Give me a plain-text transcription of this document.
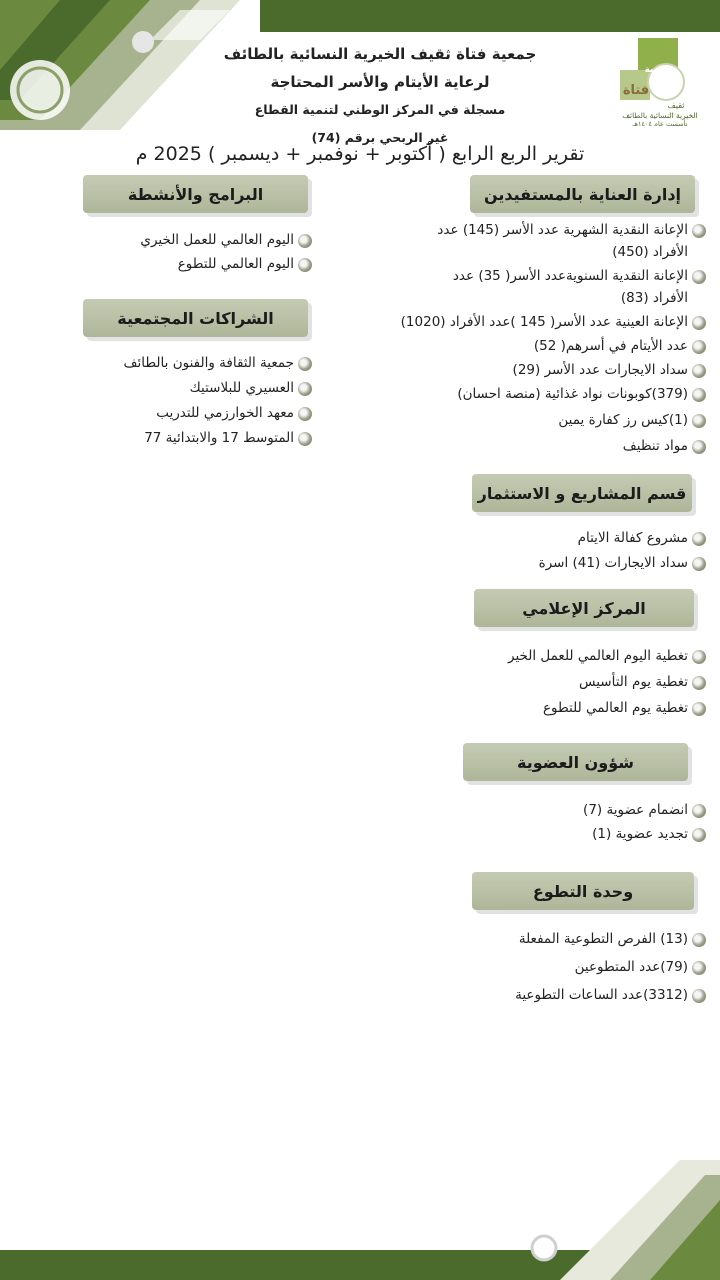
جمعية
فتاة
ثقيف
الخيرية النسائية بالطائف
تأسست عام ١٤٠٤هـ
جمعية فتاة ثقيف الخيرية النسائية بالطائف
لرعاية الأيتام والأسر المحتاجة
مسجلة في المركز الوطني لتنمية القطاع
غير الربحي برقم (74)
تقرير الربع الرابع ( أكتوبر + نوفمبر + ديسمبر ) 2025 م
إدارة العناية بالمستفيدين
الإعانة النقدية الشهرية عدد الأسر (145) عدد الأفراد (450)
الإعانة النقدية السنويةعدد الأسر( 35) عدد الأفراد (83)
الإعانة العينية عدد الأسر( 145 )عدد الأفراد (1020)
عدد الأيتام في أسرهم( 52)
سداد الايجارات عدد الأسر (29)
(379)كوبونات نواد غذائية (منصة احسان)
(1)كيس رز كفارة يمين
مواد تنظيف
البرامج والأنشطة
اليوم العالمي للعمل الخيري
اليوم العالمي للتطوع
الشراكات المجتمعية
جمعية الثقافة والفنون بالطائف
العسيري للبلاستيك
معهد الخوارزمي للتدريب
المتوسط 17 والابتدائية 77
قسم المشاريع و الاستثمار
مشروع كفالة الايتام
سداد الايجارات (41) اسرة
المركز الإعلامي
تغطية اليوم العالمي للعمل الخير
تغطية يوم التأسيس
تغطية يوم العالمي للتطوع
شؤون العضوية
انضمام عضوية (7)
تجديد عضوية (1)
وحدة التطوع
(13) الفرص التطوعية المفعلة
(79)عدد المتطوعين
(3312)عدد الساعات التطوعية
